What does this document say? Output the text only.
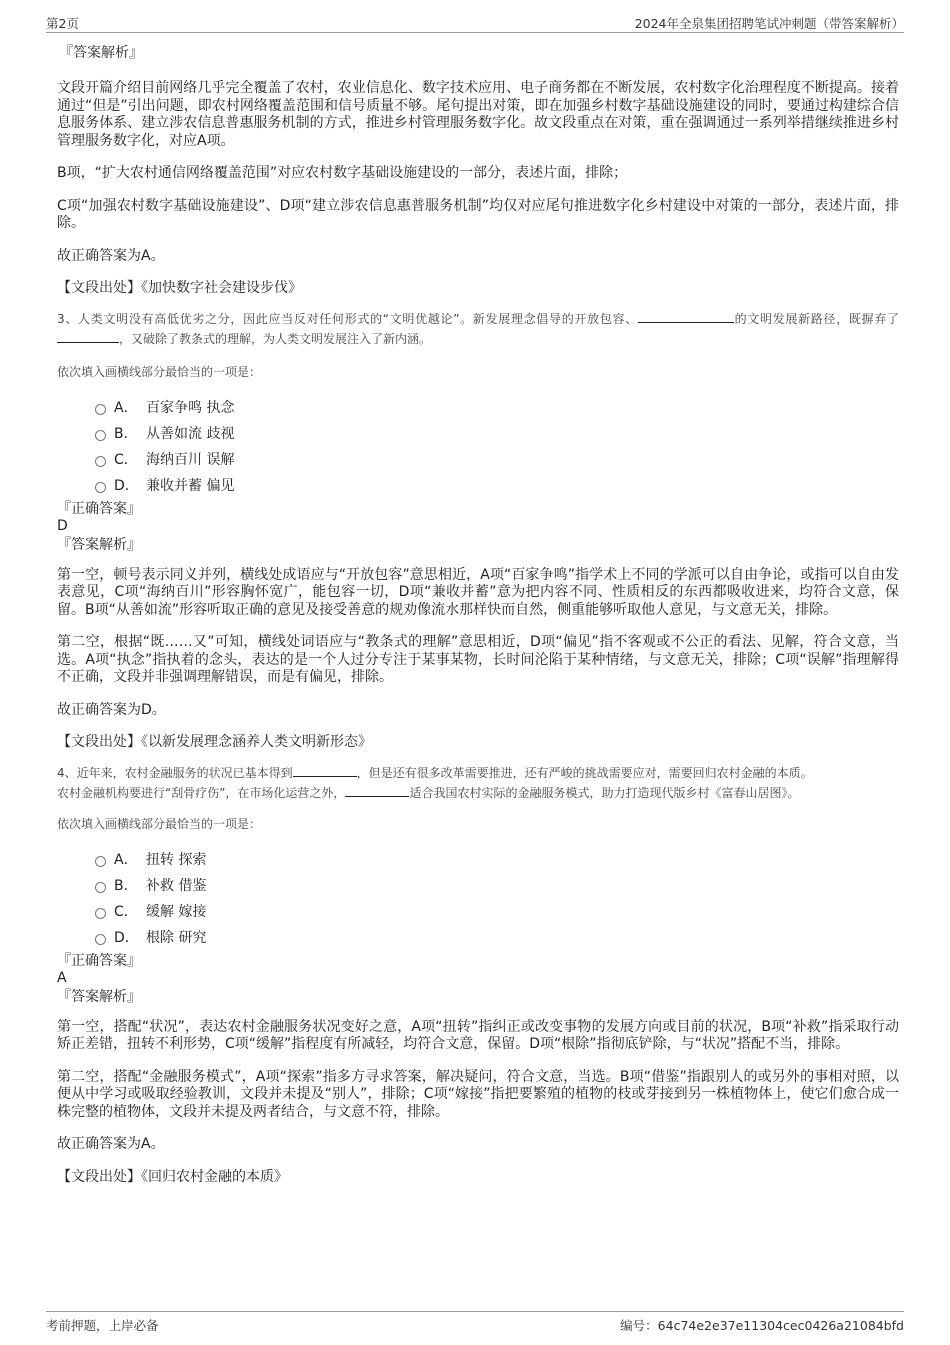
第2页	2024年全泉集团招聘笔试冲刺题（带答案解析）

『答案解析』

文段开篇介绍目前网络几乎完全覆盖了农村，农业信息化、数字技术应用、电子商务都在不断发展，农村数字化治理程度不断提高。接着通过“但是”引出问题，即农村网络覆盖范围和信号质量不够。尾句提出对策，即在加强乡村数字基础设施建设的同时，要通过构建综合信息服务体系、建立涉农信息普惠服务机制的方式，推进乡村管理服务数字化。故文段重点在对策，重在强调通过一系列举措继续推进乡村管理服务数字化，对应A项。

B项，“扩大农村通信网络覆盖范围”对应农村数字基础设施建设的一部分，表述片面，排除；

C项“加强农村数字基础设施建设”、D项“建立涉农信息惠普服务机制”均仅对应尾句推进数字化乡村建设中对策的一部分，表述片面，排除。

故正确答案为A。

【文段出处】《加快数字社会建设步伐》

3、人类文明没有高低优劣之分，因此应当反对任何形式的“文明优越论”。新发展理念倡导的开放包容、	的文明发展新路径，既摒弃了，又破除了教条式的理解，为人类文明发展注入了新内涵。

依次填入画横线部分最恰当的一项是：

A． 百家争鸣 执念
B． 从善如流 歧视
C． 海纳百川 误解
D． 兼收并蓄 偏见

『正确答案』

D

『答案解析』

第一空，顿号表示同义并列，横线处成语应与“开放包容”意思相近，A项“百家争鸣”指学术上不同的学派可以自由争论，或指可以自由发表意见，C项“海纳百川”形容胸怀宽广，能包容一切，D项“兼收并蓄”意为把内容不同、性质相反的东西都吸收进来，均符合文意，保留。B项“从善如流”形容听取正确的意见及接受善意的规劝像流水那样快而自然，侧重能够听取他人意见，与文意无关，排除。

第二空，根据“既……又”可知，横线处词语应与“教条式的理解”意思相近，D项“偏见”指不客观或不公正的看法、见解，符合文意，当选。A项“执念”指执着的念头，表达的是一个人过分专注于某事某物，长时间沦陷于某种情绪，与文意无关，排除；C项“误解”指理解得不正确，文段并非强调理解错误，而是有偏见，排除。

故正确答案为D。

【文段出处】《以新发展理念涵养人类文明新形态》

4、近年来，农村金融服务的状况已基本得到	，但是还有很多改革需要推进，还有严峻的挑战需要应对，需要回归农村金融的本质。
农村金融机构要进行“刮骨疗伤”，在市场化运营之外，	适合我国农村实际的金融服务模式，助力打造现代版乡村《富春山居图》。

依次填入画横线部分最恰当的一项是：

A． 扭转 探索
B． 补救 借鉴
C． 缓解 嫁接
D． 根除 研究

『正确答案』

A

『答案解析』

第一空，搭配“状况”，表达农村金融服务状况变好之意，A项“扭转”指纠正或改变事物的发展方向或目前的状况，B项“补救”指采取行动矫正差错，扭转不利形势，C项“缓解”指程度有所减轻，均符合文意，保留。D项“根除”指彻底铲除，与“状况”搭配不当，排除。

第二空，搭配“金融服务模式”，A项“探索”指多方寻求答案，解决疑问，符合文意，当选。B项“借鉴”指跟别人的或另外的事相对照，以便从中学习或吸取经验教训，文段并未提及“别人”，排除；C项“嫁接”指把要繁殖的植物的枝或芽接到另一株植物体上，使它们愈合成一株完整的植物体，文段并未提及两者结合，与文意不符，排除。

故正确答案为A。

【文段出处】《回归农村金融的本质》

考前押题，上岸必备	编号：64c74e2e37e11304cec0426a21084bfd
